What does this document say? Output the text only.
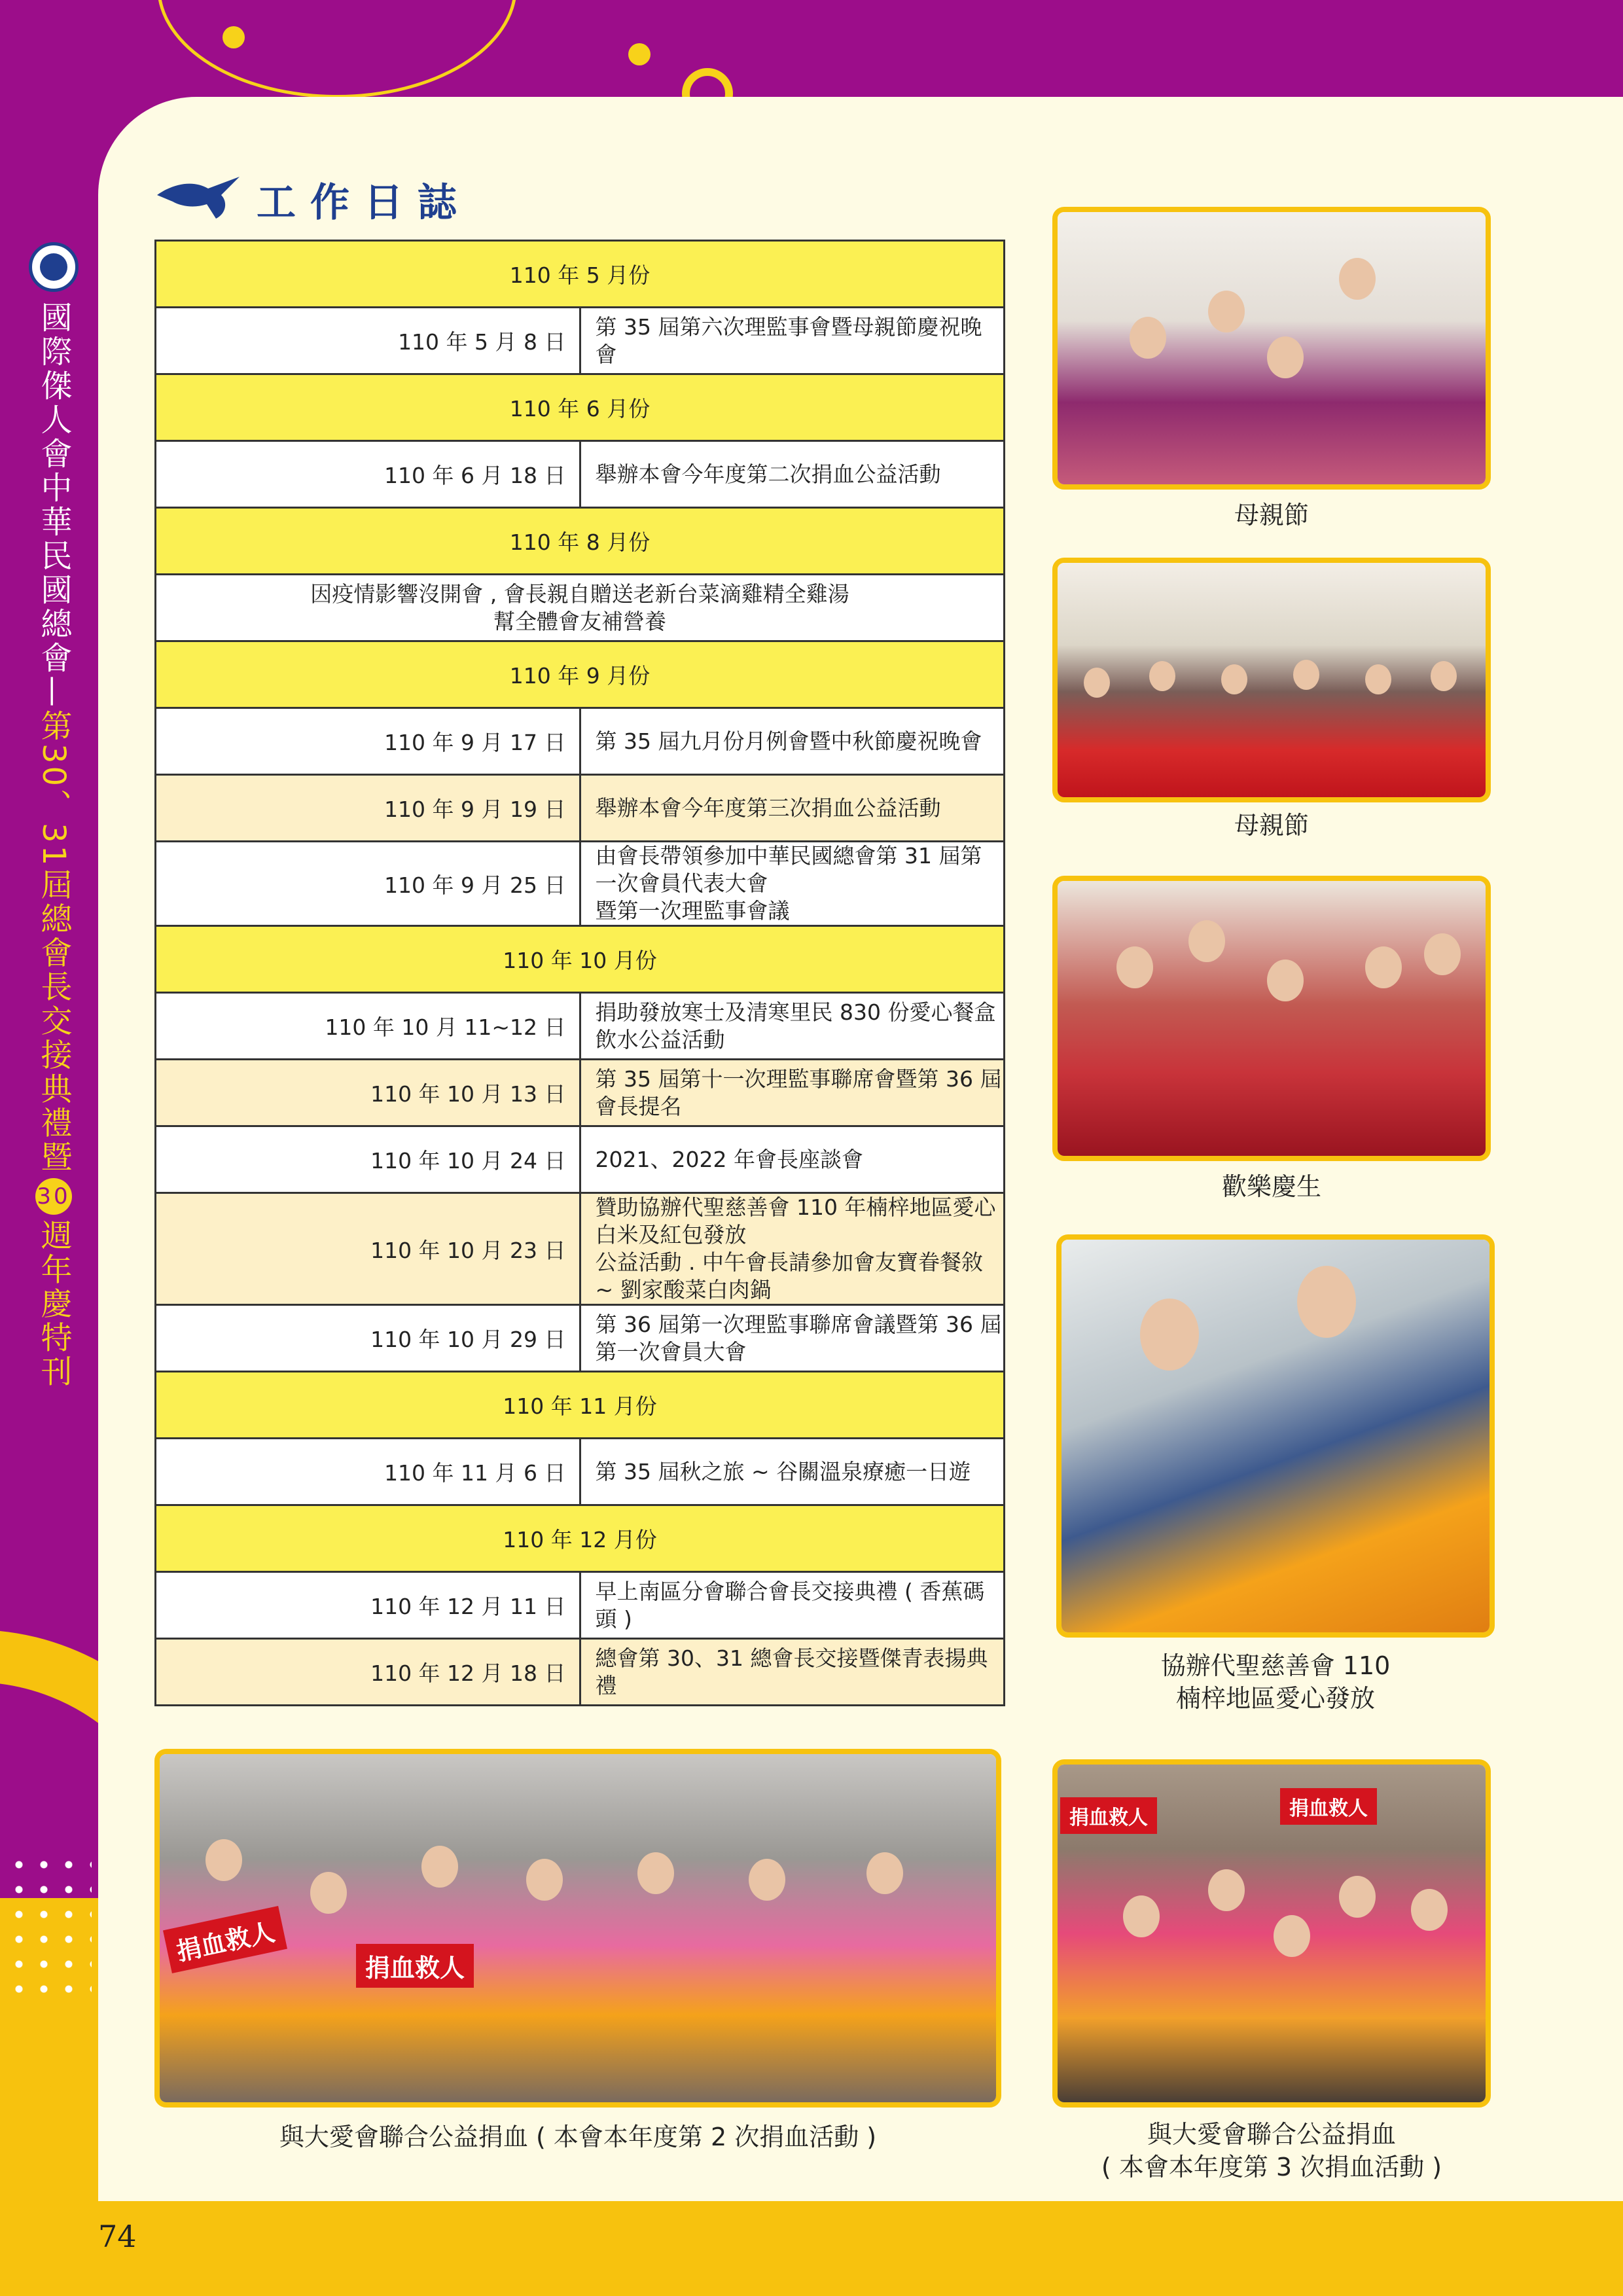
國際傑人會中華民國總會—第30、31屆總會長交接典禮暨30週年慶特刊
工作日誌
110 年 5 月份	
110 年 5 月 8 日	第 35 屆第六次理監事會暨母親節慶祝晚會
110 年 6 月份	
110 年 6 月 18 日	舉辦本會今年度第二次捐血公益活動
110 年 8 月份	

因疫情影響沒開會 , 會長親自贈送老新台菜滴雞精全雞湯
幫全體會友補營養	

110 年 9 月份	
110 年 9 月 17 日	第 35 屆九月份月例會暨中秋節慶祝晚會
110 年 9 月 19 日	舉辦本會今年度第三次捐血公益活動
110 年 9 月 25 日	由會長帶領參加中華民國總會第 31 屆第一次會員代表大會
暨第一次理監事會議

110 年 10 月份	
110 年 10 月 11~12 日	捐助發放寒士及清寒里民 830 份愛心餐盒飲水公益活動
110 年 10 月 13 日	第 35 屆第十一次理監事聯席會暨第 36 屆會長提名
110 年 10 月 24 日	2021、2022 年會長座談會
110 年 10 月 23 日	贊助協辦代聖慈善會 110 年楠梓地區愛心白米及紅包發放
公益活動 . 中午會長請參加會友寶眷餐敘 ~ 劉家酸菜白肉鍋

110 年 10 月 29 日	第 36 屆第一次理監事聯席會議暨第 36 屆第一次會員大會
110 年 11 月份	
110 年 11 月 6 日	第 35 屆秋之旅 ~ 谷關溫泉療癒一日遊
110 年 12 月份	
110 年 12 月 11 日	早上南區分會聯合會長交接典禮 ( 香蕉碼頭 )
110 年 12 月 18 日	總會第 30、31 總會長交接暨傑青表揚典禮
母親節
母親節
歡樂慶生
協辦代聖慈善會 110
楠梓地區愛心發放
捐血救人
捐血救人
與大愛會聯合公益捐血 ( 本會本年度第 2 次捐血活動 )
捐血救人	捐血救人
與大愛會聯合公益捐血
( 本會本年度第 3 次捐血活動 )
74
